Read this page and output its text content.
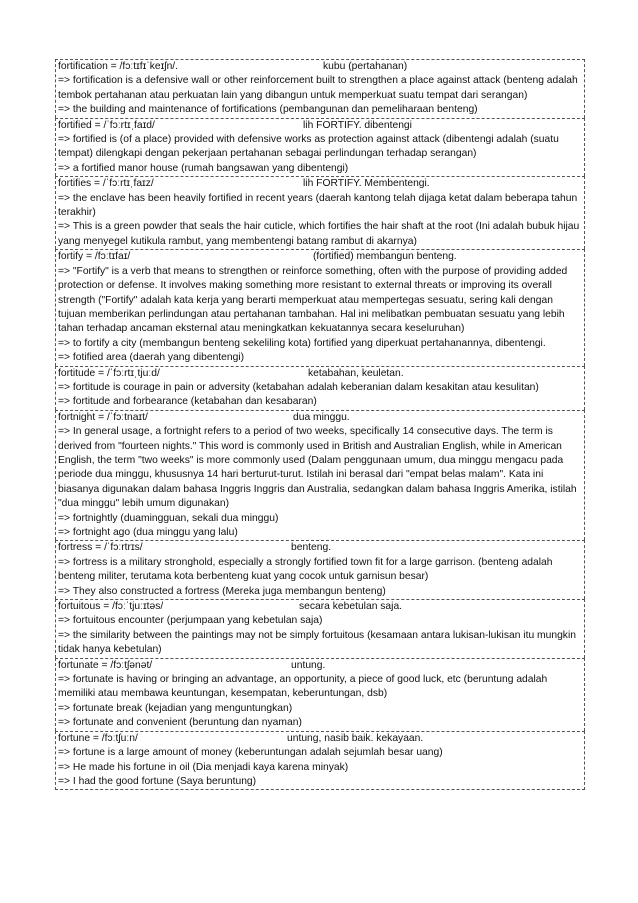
fortification = /fɔːtɪfɪˈkeɪʃn/.	kubu (pertahanan)
=> fortification is a defensive wall or other reinforcement built to strengthen a place against attack (benteng adalah tembok pertahanan atau perkuatan lain yang dibangun untuk memperkuat suatu tempat dari serangan)
=> the building and maintenance of fortifications (pembangunan dan pemeliharaan benteng)
fortified = /ˈfɔːrtɪˌfaɪd/	lih FORTIFY. dibentengi
=> fortified is (of a place) provided with defensive works as protection against attack (dibentengi adalah (suatu tempat) dilengkapi dengan pekerjaan pertahanan sebagai perlindungan terhadap serangan)
=> a fortified manor house (rumah bangsawan yang dibentengi)
fortifies = /ˈfɔːrtɪˌfaɪz/	lih FORTIFY. Membentengi.
=> the enclave has been heavily fortified in recent years (daerah kantong telah dijaga ketat dalam beberapa tahun terakhir)
=> This is a green powder that seals the hair cuticle, which fortifies the hair shaft at the root (Ini adalah bubuk hijau yang menyegel kutikula rambut, yang membentengi batang rambut di akarnya)
fortify = /fɔːtɪfaɪ/	(fortified) membangun benteng.
=> "Fortify" is a verb that means to strengthen or reinforce something, often with the purpose of providing added protection or defense. It involves making something more resistant to external threats or improving its overall strength ("Fortify" adalah kata kerja yang berarti memperkuat atau mempertegas sesuatu, sering kali dengan tujuan memberikan perlindungan atau pertahanan tambahan. Hal ini melibatkan pembuatan sesuatu yang lebih tahan terhadap ancaman eksternal atau meningkatkan kekuatannya secara keseluruhan)
=> to fortify a city (membangun benteng sekeliling kota) fortified yang diperkuat pertahanannya, dibentengi.
=> fotified area (daerah yang dibentengi)
fortitude = /ˈfɔːrtɪˌtjuːd/	ketabahan, keuletan.
=> fortitude is courage in pain or adversity (ketabahan adalah keberanian dalam kesakitan atau kesulitan)
=> fortitude and forbearance (ketabahan dan kesabaran)
fortnight = /ˈfɔːtnaɪt/	dua minggu.
=> In general usage, a fortnight refers to a period of two weeks, specifically 14 consecutive days. The term is derived from "fourteen nights." This word is commonly used in British and Australian English, while in American English, the term "two weeks" is more commonly used (Dalam penggunaan umum, dua minggu mengacu pada periode dua minggu, khususnya 14 hari berturut-turut. Istilah ini berasal dari "empat belas malam". Kata ini biasanya digunakan dalam bahasa Inggris Inggris dan Australia, sedangkan dalam bahasa Inggris Amerika, istilah "dua minggu" lebih umum digunakan)
=> fortnightly (duamingguan, sekali dua minggu)
=> fortnight ago (dua minggu yang lalu)
fortress = /ˈfɔːrtrɪs/	benteng.
=> fortress is a military stronghold, especially a strongly fortified town fit for a large garrison. (benteng adalah benteng militer, terutama kota berbenteng kuat yang cocok untuk garnisun besar)
=> They also constructed a fortress (Mereka juga membangun benteng)
fortuitous = /fɔːˈtjuːɪtəs/	secara kebetulan saja.
=> fortuitous encounter (perjumpaan yang kebetulan saja)
=> the similarity between the paintings may not be simply fortuitous (kesamaan antara lukisan-lukisan itu mungkin tidak hanya kebetulan)
fortunate = /fɔːtʃənət/	untung.
=> fortunate is having or bringing an advantage, an opportunity, a piece of good luck, etc (beruntung adalah memiliki atau membawa keuntungan, kesempatan, keberuntungan, dsb)
=> fortunate break (kejadian yang menguntungkan)
=> fortunate and convenient (beruntung dan nyaman)
fortune = /fɔːtʃuːn/	untung, nasib baik. kekayaan.
=> fortune is a large amount of money (keberuntungan adalah sejumlah besar uang)
=> He made his fortune in oil (Dia menjadi kaya karena minyak)
=> I had the good fortune (Saya beruntung)
